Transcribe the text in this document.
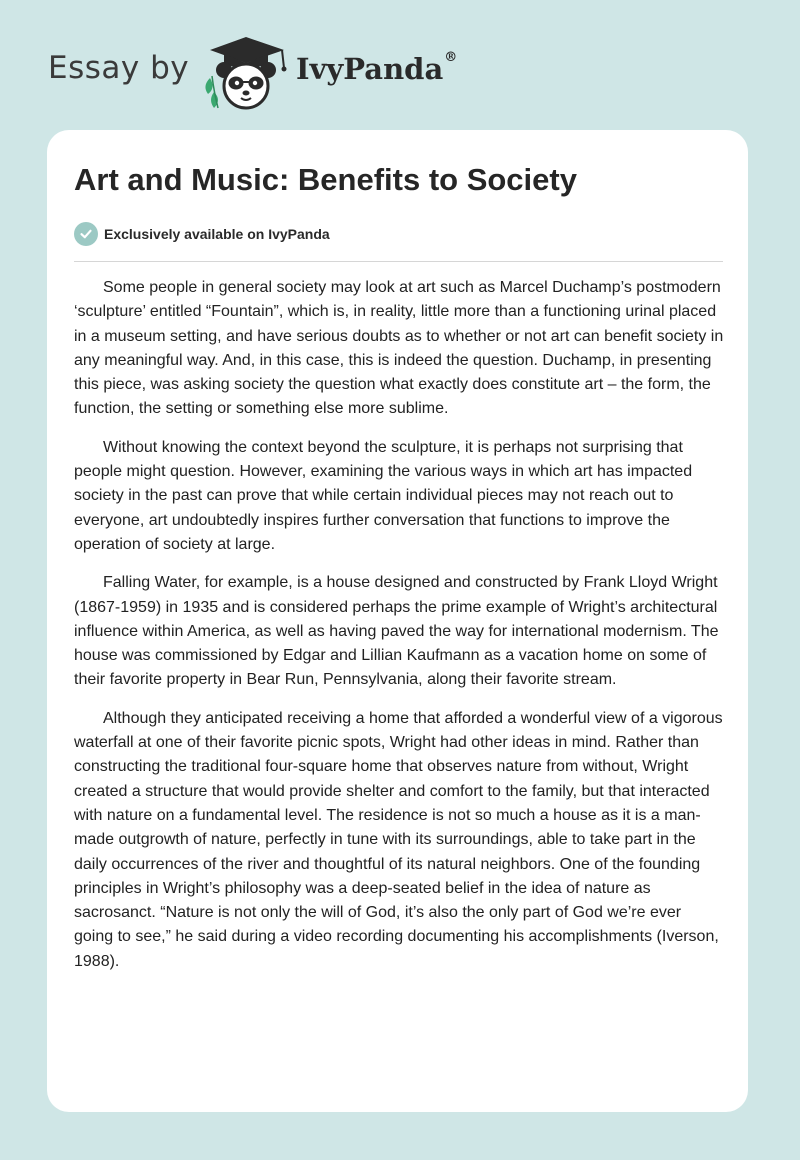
Essay by	IvyPanda®
Art and Music: Benefits to Society
Exclusively available on IvyPanda

Some people in general society may look at art such as Marcel Duchamp’s postmodern ‘sculpture’ entitled “Fountain”, which is, in reality, little more than a functioning urinal placed in a museum setting, and have serious doubts as to whether or not art can benefit society in any meaningful way. And, in this case, this is indeed the question. Duchamp, in presenting this piece, was asking society the question what exactly does constitute art – the form, the function, the setting or something else more sublime.

Without knowing the context beyond the sculpture, it is perhaps not surprising that people might question. However, examining the various ways in which art has impacted society in the past can prove that while certain individual pieces may not reach out to everyone, art undoubtedly inspires further conversation that functions to improve the operation of society at large.

Falling Water, for example, is a house designed and constructed by Frank Lloyd Wright (1867-1959) in 1935 and is considered perhaps the prime example of Wright’s architectural influence within America, as well as having paved the way for international modernism. The house was commissioned by Edgar and Lillian Kaufmann as a vacation home on some of their favorite property in Bear Run, Pennsylvania, along their favorite stream.

Although they anticipated receiving a home that afforded a wonderful view of a vigorous waterfall at one of their favorite picnic spots, Wright had other ideas in mind. Rather than constructing the traditional four-square home that observes nature from without, Wright created a structure that would provide shelter and comfort to the family, but that interacted with nature on a fundamental level. The residence is not so much a house as it is a man-made outgrowth of nature, perfectly in tune with its surroundings, able to take part in the daily occurrences of the river and thoughtful of its natural neighbors. One of the founding principles in Wright’s philosophy was a deep-seated belief in the idea of nature as sacrosanct. “Nature is not only the will of God, it’s also the only part of God we’re ever going to see,” he said during a video recording documenting his accomplishments (Iverson, 1988).
